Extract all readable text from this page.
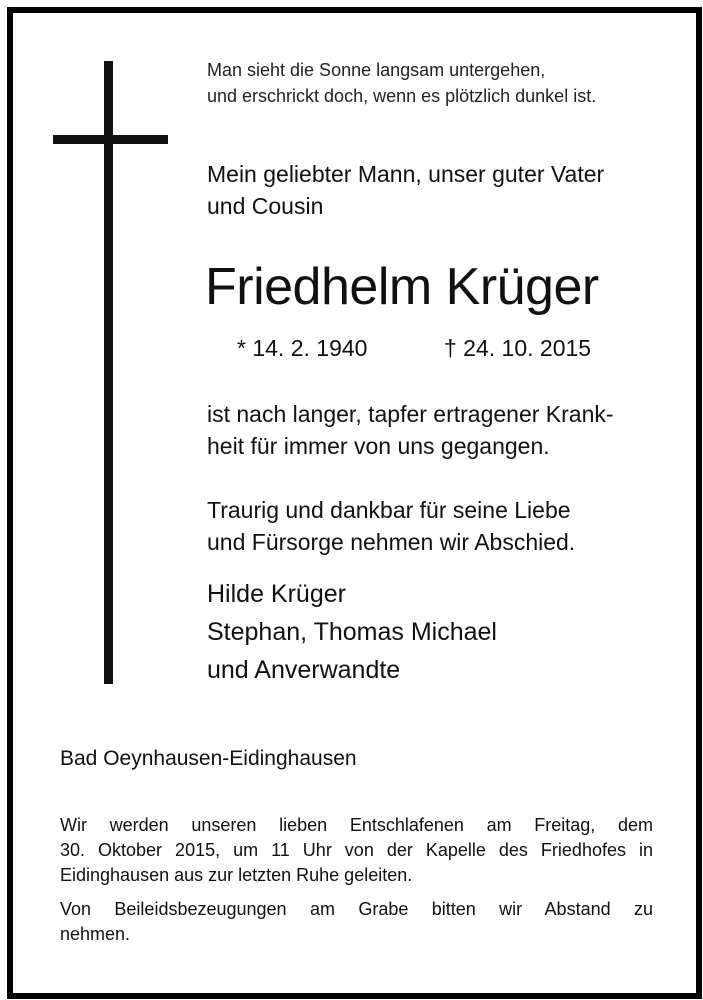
Man sieht die Sonne langsam untergehen,
und erschrickt doch, wenn es plötzlich dunkel ist.
Mein geliebter Mann, unser guter Vater
und Cousin
Friedhelm Krüger
* 14. 2. 1940	† 24. 10. 2015
ist nach langer, tapfer ertragener Krank-
heit für immer von uns gegangen.
Traurig und dankbar für seine Liebe
und Fürsorge nehmen wir Abschied.
Hilde Krüger
Stephan, Thomas Michael
und Anverwandte
Bad Oeynhausen-Eidinghausen

Wir werden unseren lieben Entschlafenen am Freitag, dem
30. Oktober 2015, um 11 Uhr von der Kapelle des Friedhofes in
Eidinghausen aus zur letzten Ruhe geleiten.

Von Beileidsbezeugungen am Grabe bitten wir Abstand zu
nehmen.
